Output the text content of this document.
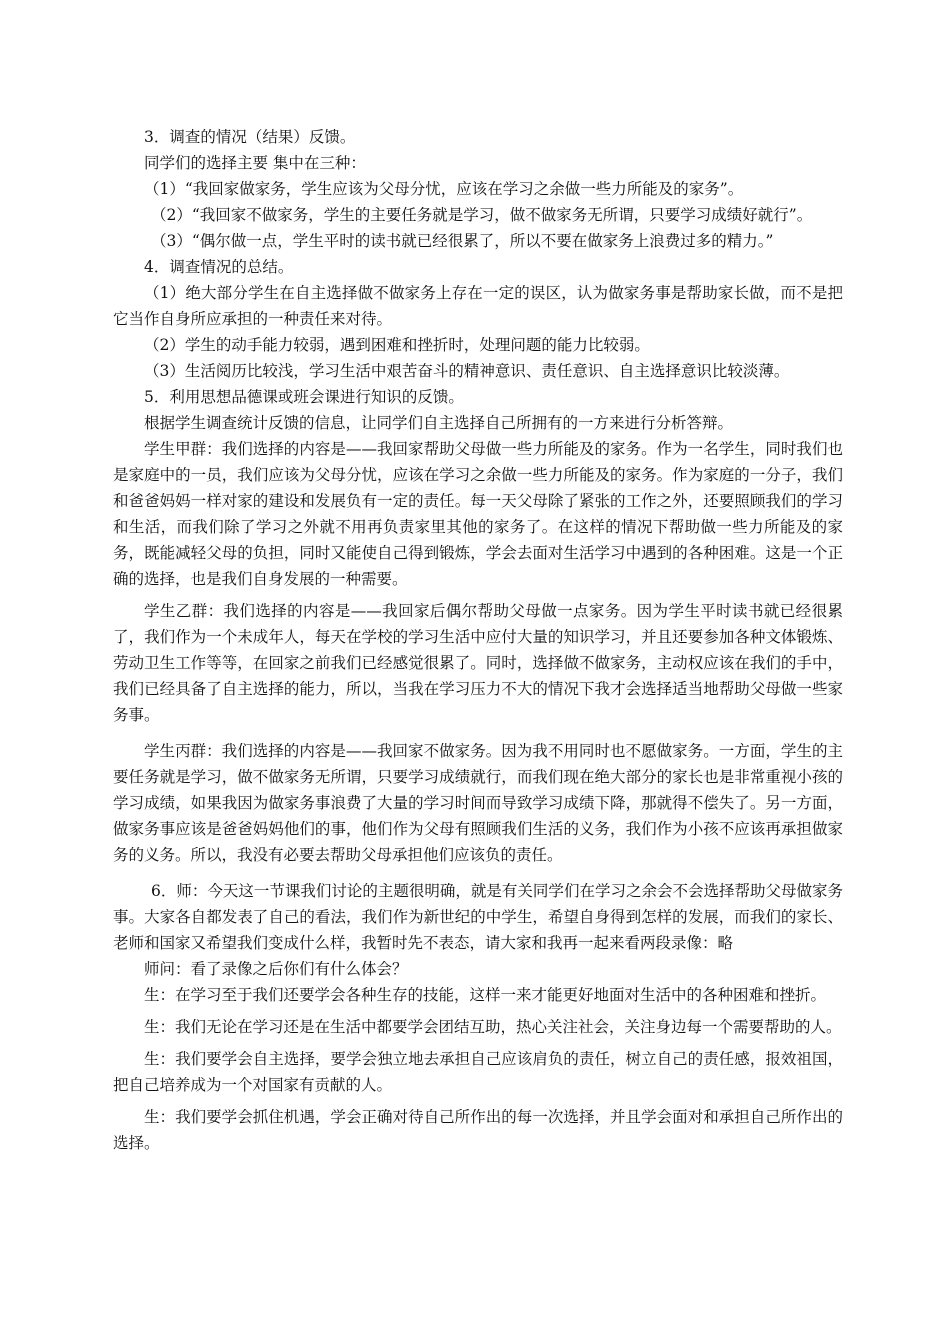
3．调查的情况（结果）反馈。

同学们的选择主要 集中在三种：

（1）“我回家做家务，学生应该为父母分忧，应该在学习之余做一些力所能及的家务”。

（2）“我回家不做家务，学生的主要任务就是学习，做不做家务无所谓，只要学习成绩好就行”。

（3）“偶尔做一点，学生平时的读书就已经很累了，所以不要在做家务上浪费过多的精力。”

4．调查情况的总结。

（1）绝大部分学生在自主选择做不做家务上存在一定的误区，认为做家务事是帮助家长做，而不是把它当作自身所应承担的一种责任来对待。

（2）学生的动手能力较弱，遇到困难和挫折时，处理问题的能力比较弱。

（3）生活阅历比较浅，学习生活中艰苦奋斗的精神意识、责任意识、自主选择意识比较淡薄。

5．利用思想品德课或班会课进行知识的反馈。

根据学生调查统计反馈的信息，让同学们自主选择自己所拥有的一方来进行分析答辩。

学生甲群：我们选择的内容是——我回家帮助父母做一些力所能及的家务。作为一名学生，同时我们也是家庭中的一员，我们应该为父母分忧，应该在学习之余做一些力所能及的家务。作为家庭的一分子，我们和爸爸妈妈一样对家的建设和发展负有一定的责任。每一天父母除了紧张的工作之外，还要照顾我们的学习和生活，而我们除了学习之外就不用再负责家里其他的家务了。在这样的情况下帮助做一些力所能及的家务，既能减轻父母的负担，同时又能使自己得到锻炼，学会去面对生活学习中遇到的各种困难。这是一个正确的选择，也是我们自身发展的一种需要。

学生乙群：我们选择的内容是——我回家后偶尔帮助父母做一点家务。因为学生平时读书就已经很累了，我们作为一个未成年人，每天在学校的学习生活中应付大量的知识学习，并且还要参加各种文体锻炼、劳动卫生工作等等，在回家之前我们已经感觉很累了。同时，选择做不做家务，主动权应该在我们的手中，我们已经具备了自主选择的能力，所以，当我在学习压力不大的情况下我才会选择适当地帮助父母做一些家务事。

学生丙群：我们选择的内容是——我回家不做家务。因为我不用同时也不愿做家务。一方面，学生的主要任务就是学习，做不做家务无所谓，只要学习成绩就行，而我们现在绝大部分的家长也是非常重视小孩的学习成绩，如果我因为做家务事浪费了大量的学习时间而导致学习成绩下降，那就得不偿失了。另一方面，做家务事应该是爸爸妈妈他们的事，他们作为父母有照顾我们生活的义务，我们作为小孩不应该再承担做家务的义务。所以，我没有必要去帮助父母承担他们应该负的责任。

6．师：今天这一节课我们讨论的主题很明确，就是有关同学们在学习之余会不会选择帮助父母做家务事。大家各自都发表了自己的看法，我们作为新世纪的中学生，希望自身得到怎样的发展，而我们的家长、老师和国家又希望我们变成什么样，我暂时先不表态，请大家和我再一起来看两段录像：略

师问：看了录像之后你们有什么体会？

生：在学习至于我们还要学会各种生存的技能，这样一来才能更好地面对生活中的各种困难和挫折。

生：我们无论在学习还是在生活中都要学会团结互助，热心关注社会，关注身边每一个需要帮助的人。

生：我们要学会自主选择，要学会独立地去承担自己应该肩负的责任，树立自己的责任感，报效祖国，把自己培养成为一个对国家有贡献的人。

生：我们要学会抓住机遇，学会正确对待自己所作出的每一次选择，并且学会面对和承担自己所作出的选择。
